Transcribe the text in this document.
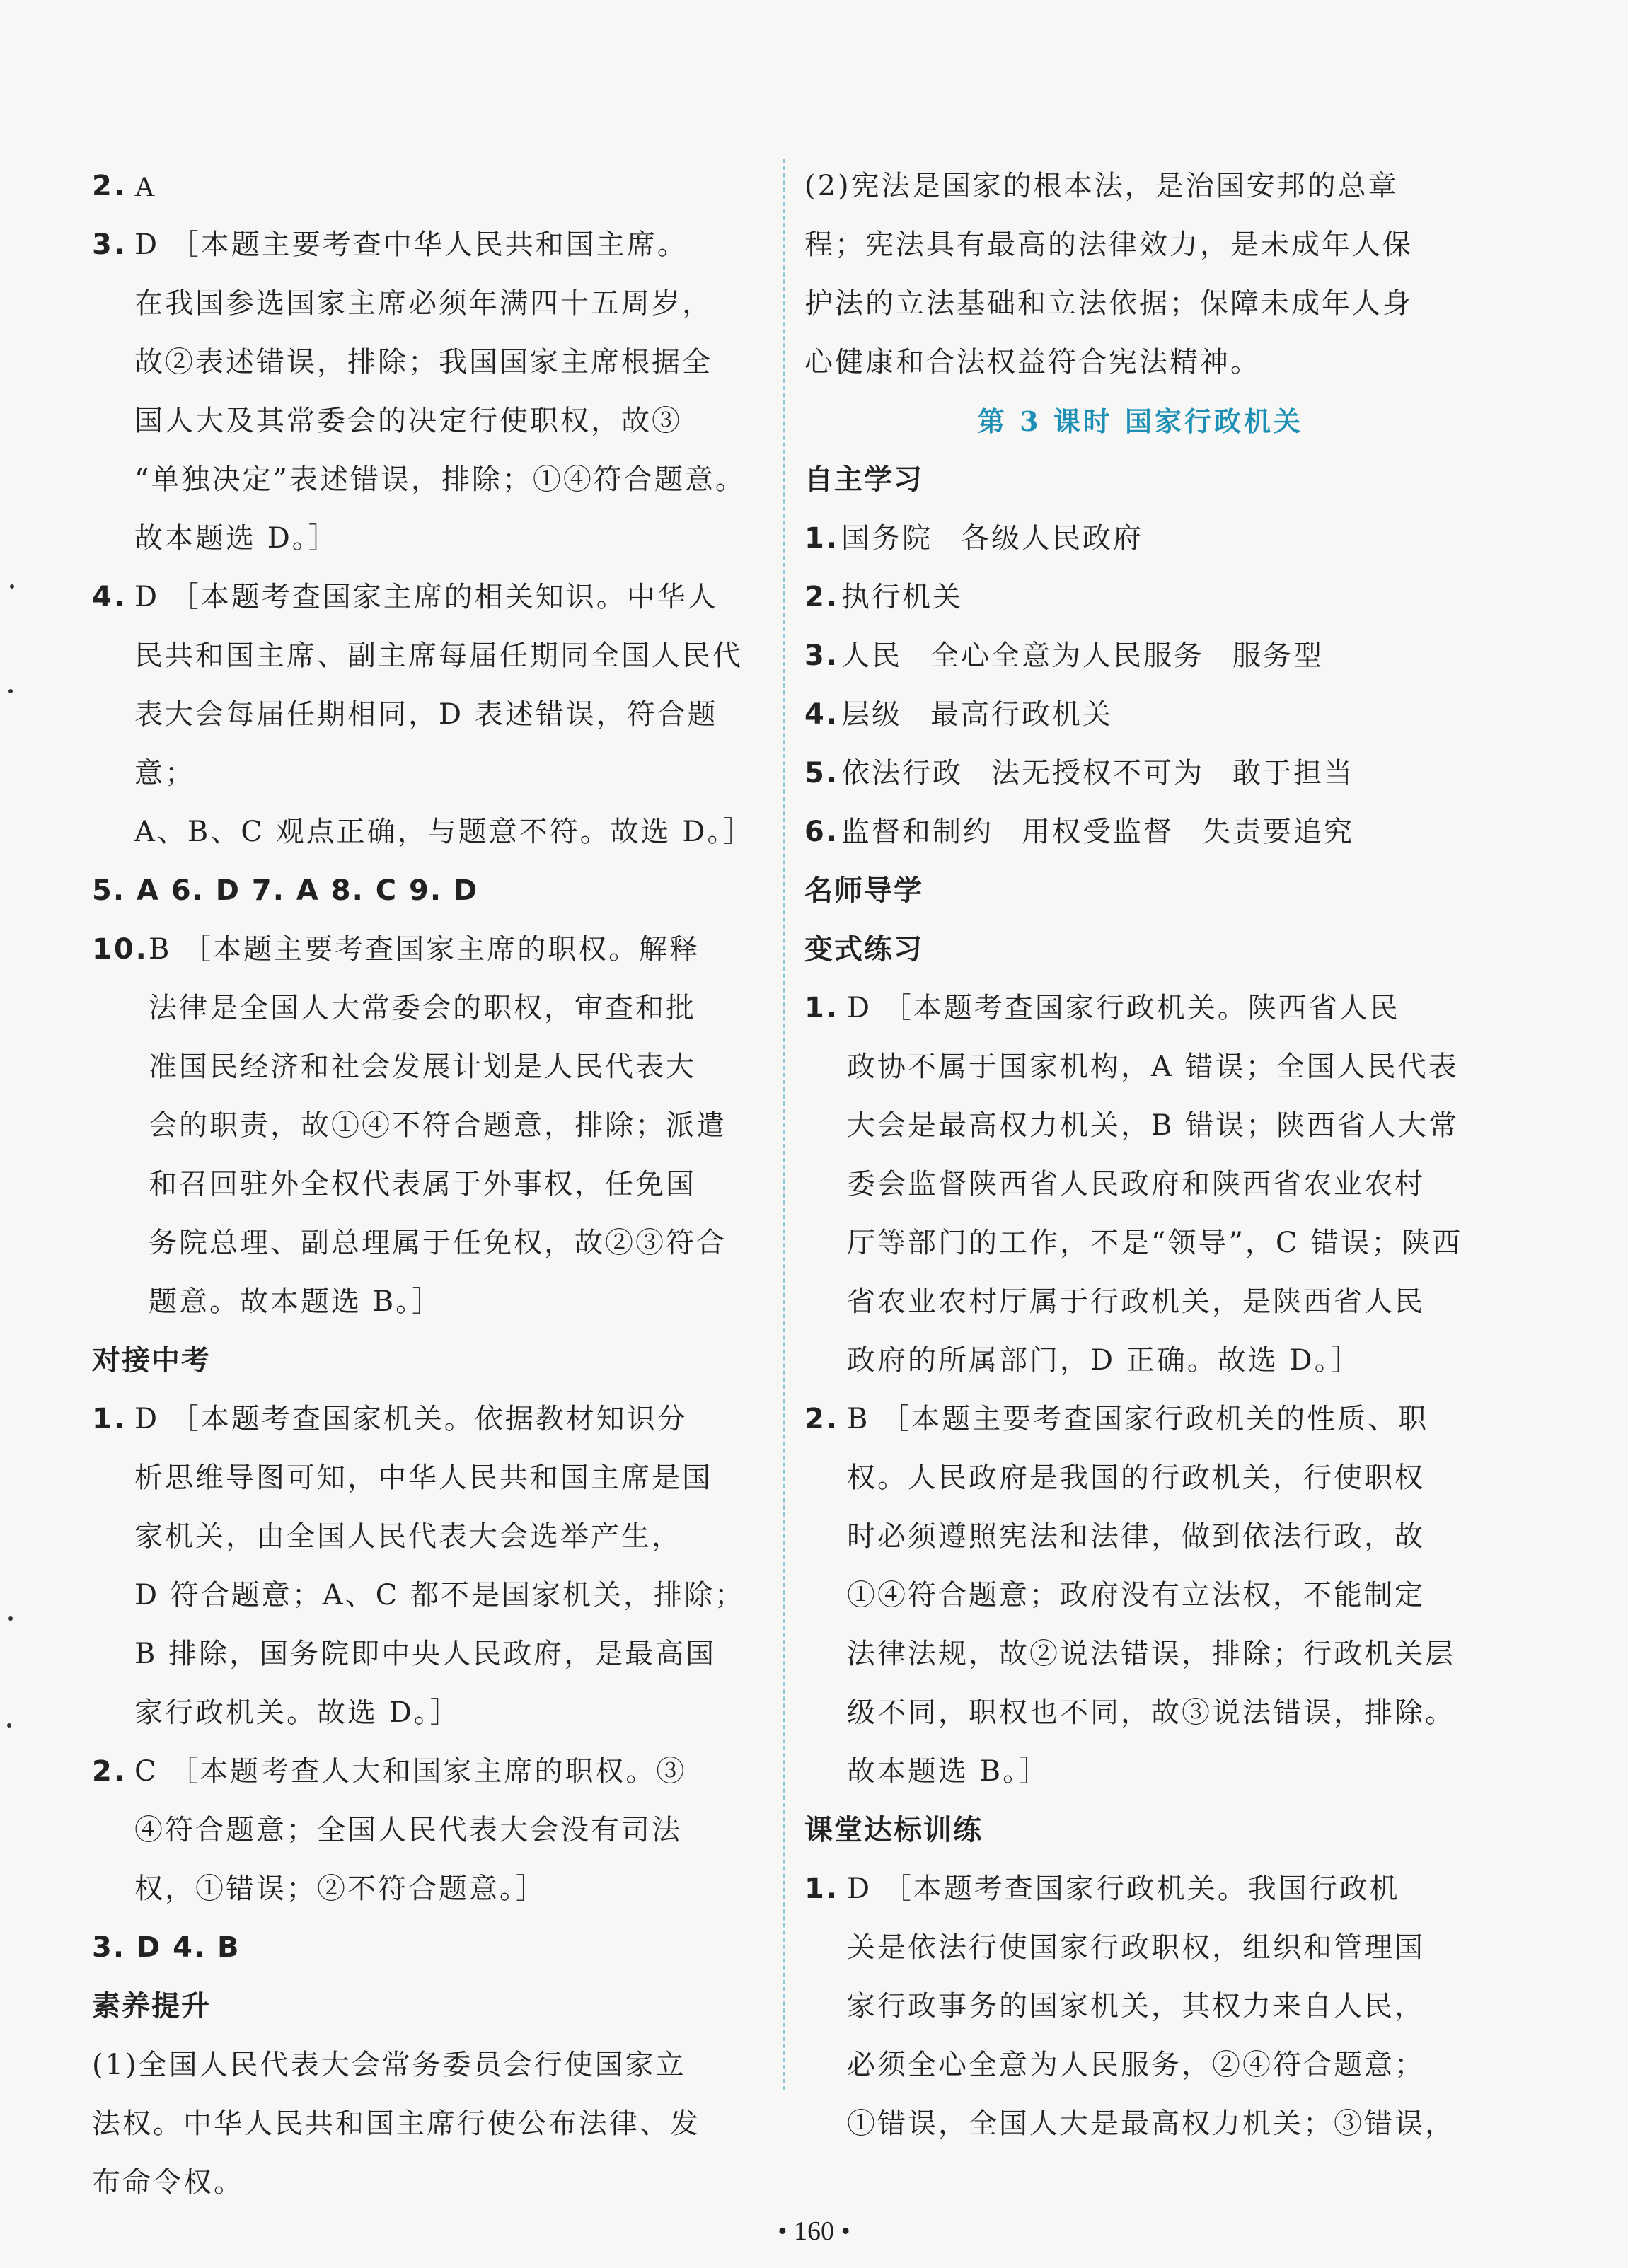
2. A
3. D ［本题主要考查中华人民共和国主席。
在我国参选国家主席必须年满四十五周岁，
故②表述错误，排除；我国国家主席根据全
国人大及其常委会的决定行使职权，故③
“单独决定”表述错误，排除；①④符合题意。
故本题选 D。］
4. D ［本题考查国家主席的相关知识。中华人
民共和国主席、副主席每届任期同全国人民代
表大会每届任期相同，D 表述错误，符合题意；
A、B、C 观点正确，与题意不符。故选 D。］
5. A 6. D 7. A 8. C 9. D
10. B ［本题主要考查国家主席的职权。解释
法律是全国人大常委会的职权，审查和批
准国民经济和社会发展计划是人民代表大
会的职责，故①④不符合题意，排除；派遣
和召回驻外全权代表属于外事权，任免国
务院总理、副总理属于任免权，故②③符合
题意。故本题选 B。］
对接中考
1. D ［本题考查国家机关。依据教材知识分
析思维导图可知，中华人民共和国主席是国
家机关，由全国人民代表大会选举产生，
D 符合题意；A、C 都不是国家机关，排除；
B 排除，国务院即中央人民政府，是最高国
家行政机关。故选 D。］
2. C ［本题考查人大和国家主席的职权。③
④符合题意；全国人民代表大会没有司法
权，①错误；②不符合题意。］
3. D 4. B
素养提升
(1)全国人民代表大会常务委员会行使国家立
法权。中华人民共和国主席行使公布法律、发
布命令权。
(2)宪法是国家的根本法，是治国安邦的总章
程；宪法具有最高的法律效力，是未成年人保
护法的立法基础和立法依据；保障未成年人身
心健康和合法权益符合宪法精神。
第 3 课时 国家行政机关
自主学习
1. 国务院 各级人民政府
2. 执行机关
3. 人民 全心全意为人民服务 服务型
4. 层级 最高行政机关
5. 依法行政 法无授权不可为 敢于担当
6. 监督和制约 用权受监督 失责要追究
名师导学
变式练习
1. D ［本题考查国家行政机关。陕西省人民
政协不属于国家机构，A 错误；全国人民代表
大会是最高权力机关，B 错误；陕西省人大常
委会监督陕西省人民政府和陕西省农业农村
厅等部门的工作，不是“领导”，C 错误；陕西
省农业农村厅属于行政机关，是陕西省人民
政府的所属部门，D 正确。故选 D。］
2. B ［本题主要考查国家行政机关的性质、职
权。人民政府是我国的行政机关，行使职权
时必须遵照宪法和法律，做到依法行政，故
①④符合题意；政府没有立法权，不能制定
法律法规，故②说法错误，排除；行政机关层
级不同，职权也不同，故③说法错误，排除。
故本题选 B。］
课堂达标训练
1. D ［本题考查国家行政机关。我国行政机
关是依法行使国家行政职权，组织和管理国
家行政事务的国家机关，其权力来自人民，
必须全心全意为人民服务，②④符合题意；
①错误，全国人大是最高权力机关；③错误，
• 160 •
